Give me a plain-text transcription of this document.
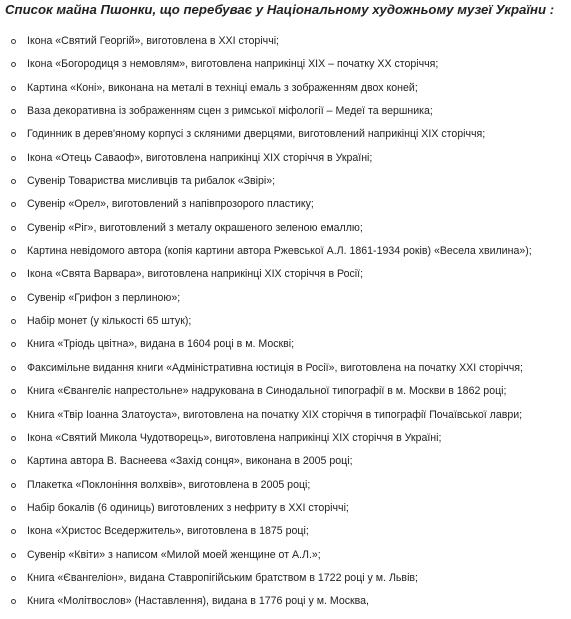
Список майна Пшонки, що перебуває у Національному художньому музеї України :
Ікона «Святий Георгій», виготовлена в ХХІ сторіччі;
Ікона «Богородиця з немовлям», виготовлена наприкінці ХІХ – початку ХХ сторіччя;
Картина «Коні», виконана на металі в техніці емаль з зображенням двох коней;
Ваза декоративна із зображенням сцен з римської міфології – Медеї та вершника;
Годинник в дерев'яному корпусі з скляними дверцями, виготовлений наприкінці ХІХ сторіччя;
Ікона «Отець Саваоф», виготовлена наприкінці ХІХ сторіччя в Україні;
Сувенір Товариства мисливців та рибалок «Звірі»;
Сувенір «Орел», виготовлений з напівпрозорого пластику;
Сувенір «Ріг», виготовлений з металу окрашеного зеленою емаллю;
Картина невідомого автора (копія картини автора Ржевської А.Л. 1861-1934 років) «Весела хвилина»);
Ікона «Свята Варвара», виготовлена наприкінці ХІХ сторіччя в Росії;
Сувенір «Грифон з перлиною»;
Набір монет (у кількості 65 штук);
Книга «Тріодь цвітна», видана в 1604 році в м. Москві;
Факсимільне видання книги «Адміністративна юстиція в Росії», виготовлена на початку ХХІ сторіччя;
Книга «Євангеліє напрестольне» надрукована в Синодальної типографії в м. Москви в 1862 році;
Книга «Твір Іоанна Златоуста», виготовлена на початку ХІХ сторіччя в типографії Почаївської лаври;
Ікона «Святий Микола Чудотворець», виготовлена наприкінці ХІХ сторіччя в Україні;
Картина автора В. Васнеева «Захід сонця», виконана в 2005 році;
Плакетка «Поклоніння волхвів», виготовлена в 2005 році;
Набір бокалів (6 одиниць) виготовлених з нефриту в ХХІ сторіччі;
Ікона «Христос Вседержитель», виготовлена в 1875 році;
Сувенір «Квіти» з написом «Милой моей женщине от А.Л.»;
Книга «Євангеліон», видана Ставропігійським братством в 1722 році у м. Львів;
Книга «Молітвослов» (Наставлення), видана в 1776 році у м. Москва,
